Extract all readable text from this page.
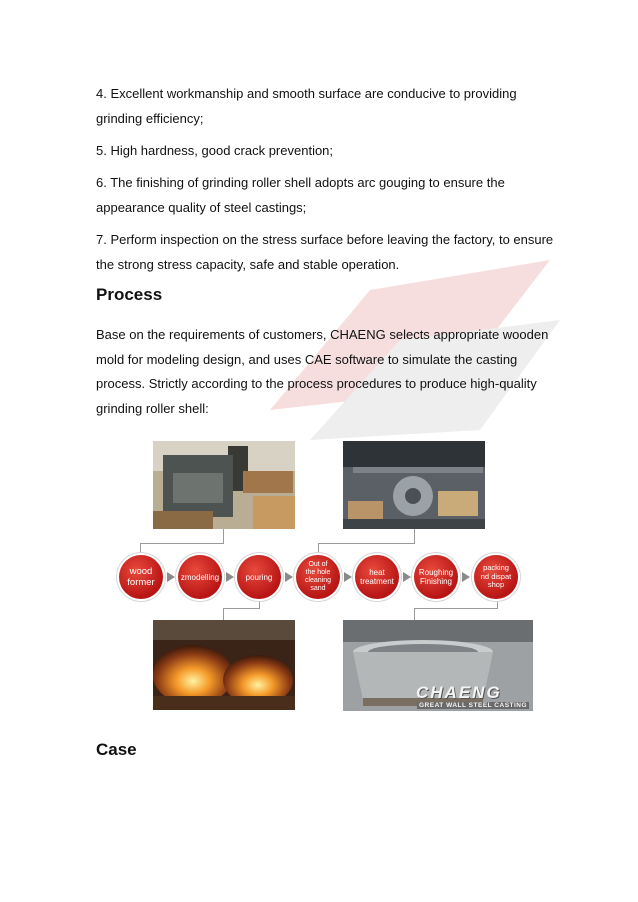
4. Excellent workmanship and smooth surface are conducive to providing grinding efficiency;

5. High hardness, good crack prevention;

6. The finishing of grinding roller shell adopts arc gouging to ensure the appearance quality of steel castings;

7. Perform inspection on the stress surface before leaving the factory, to ensure the strong stress capacity, safe and stable operation.

Process

Base on the requirements of customers, CHAENG selects appropriate wooden mold for modeling design, and uses CAE software to simulate the casting process. Strictly according to the process procedures to produce high-quality grinding roller shell:

wood
former	zmodelling	pouring
Out of
the hole
cleaning
sand
heat
treatment
Roughing
Finishing
packing
nd dispat
shop
CHAENG
GREAT WALL STEEL CASTING
Case
